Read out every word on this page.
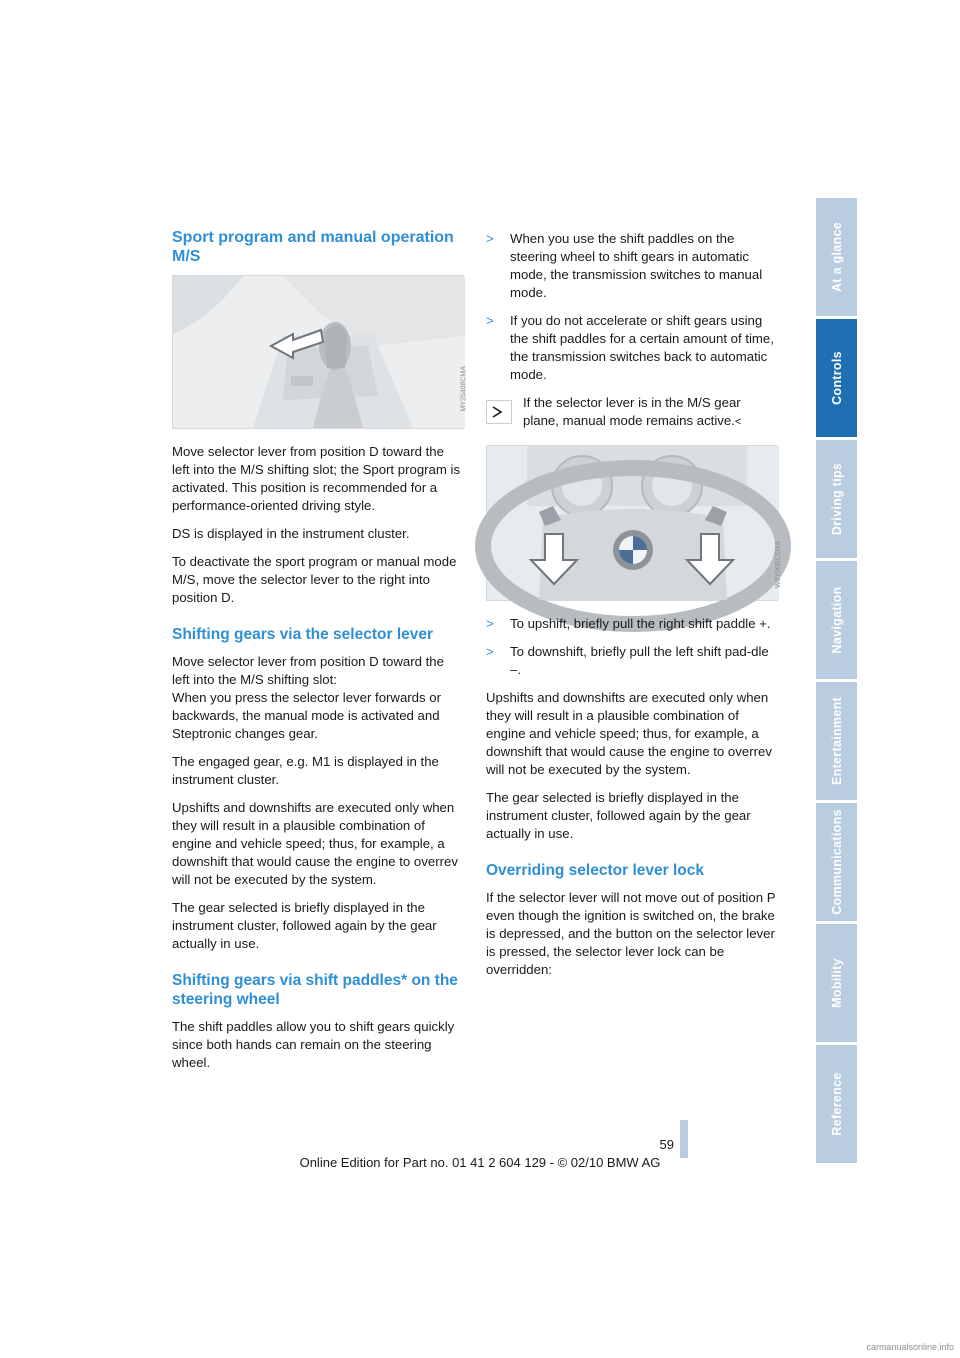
At a glance
Controls
Driving tips
Navigation
Entertainment
Communications
Mobility
Reference
Sport program and manual operation M/S
MY25408CMA

Move selector lever from position D toward the left into the M/S shifting slot; the Sport program is activated. This position is recommended for a performance-oriented driving style.

DS is displayed in the instrument cluster.

To deactivate the sport program or manual mode M/S, move the selector lever to the right into position D.

Shifting gears via the selector lever

Move selector lever from position D toward the left into the M/S shifting slot:
When you press the selector lever forwards or backwards, the manual mode is activated and Steptronic changes gear.

The engaged gear, e.g. M1 is displayed in the instrument cluster.

Upshifts and downshifts are executed only when they will result in a plausible combination of engine and vehicle speed; thus, for example, a downshift that would cause the engine to overrev will not be executed by the system.

The gear selected is briefly displayed in the instrument cluster, followed again by the gear actually in use.

Shifting gears via shift paddles* on the steering wheel

The shift paddles allow you to shift gears quickly since both hands can remain on the steering wheel.

> When you use the shift paddles on the steering wheel to shift gears in automatic mode, the transmission switches to manual mode.
> If you do not accelerate or shift gears using the shift paddles for a certain amount of time, the transmission switches back to automatic mode.
If the selector lever is in the M/S gear plane, manual mode remains active.<
W8Y00BC5MA
> To upshift, briefly pull the right shift paddle +.
> To downshift, briefly pull the left shift pad-dle –.

Upshifts and downshifts are executed only when they will result in a plausible combination of engine and vehicle speed; thus, for example, a downshift that would cause the engine to overrev will not be executed by the system.

The gear selected is briefly displayed in the instrument cluster, followed again by the gear actually in use.

Overriding selector lever lock

If the selector lever will not move out of position P even though the ignition is switched on, the brake is depressed, and the button on the selector lever is pressed, the selector lever lock can be overridden:

59
Online Edition for Part no. 01 41 2 604 129 - © 02/10 BMW AG
carmanualsonline.info
